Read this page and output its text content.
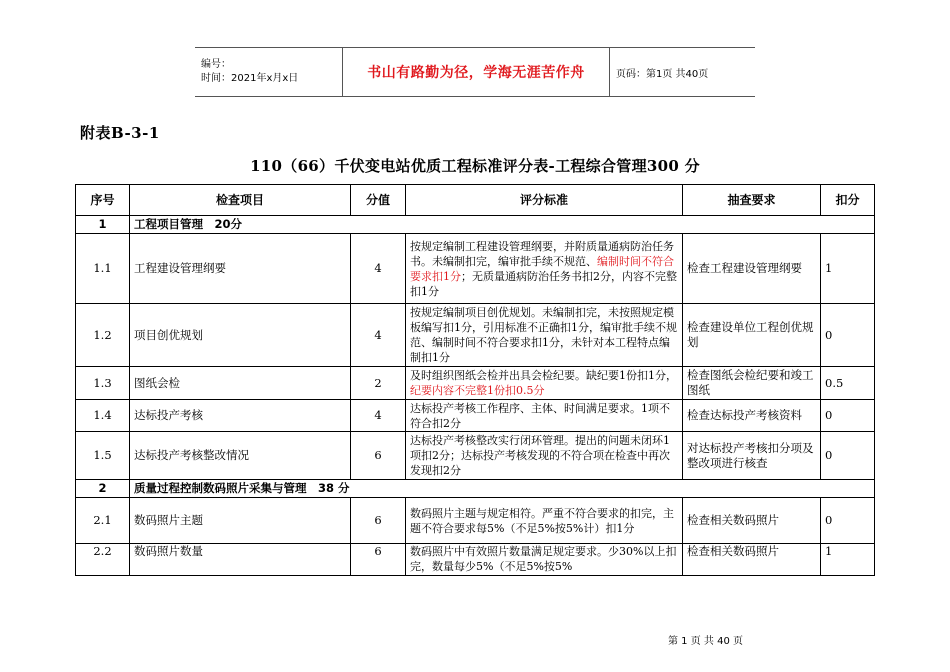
编号：
时间：2021年x月x日	书山有路勤为径，学海无涯苦作舟	页码：第1页 共40页
附表B-3-1
110（66）千伏变电站优质工程标准评分表-工程综合管理300 分
序号	检查项目	分值	评分标准	抽查要求	扣分
1	工程项目管理　20分				
1.1	工程建设管理纲要	4	按规定编制工程建设管理纲要，并附质量通病防治任务书。未编制扣完，编审批手续不规范、编制时间不符合要求扣1分；无质量通病防治任务书扣2分，内容不完整扣1分	检查工程建设管理纲要	1
1.2	项目创优规划	4	按规定编制项目创优规划。未编制扣完，未按照规定模板编写扣1分，引用标准不正确扣1分，编审批手续不规范、编制时间不符合要求扣1分，未针对本工程特点编制扣1分	检查建设单位工程创优规划	0
1.3	图纸会检	2	及时组织图纸会检并出具会检纪要。缺纪要1份扣1分，纪要内容不完整1份扣0.5分	检查图纸会检纪要和竣工图纸	0.5
1.4	达标投产考核	4	达标投产考核工作程序、主体、时间满足要求。1项不符合扣2分	检查达标投产考核资料	0
1.5	达标投产考核整改情况	6	达标投产考核整改实行闭环管理。提出的问题未闭环1项扣2分；达标投产考核发现的不符合项在检查中再次发现扣2分	对达标投产考核扣分项及整改项进行核查	0
2	质量过程控制数码照片采集与管理　38 分				
2.1	数码照片主题	6	数码照片主题与规定相符。严重不符合要求的扣完，主题不符合要求每5%（不足5%按5%计）扣1分	检查相关数码照片	0
2.2	数码照片数量	6	数码照片中有效照片数量满足规定要求。少30%以上扣完，数量每少5%（不足5%按5%	检查相关数码照片	1
第 1 页 共 40 页
